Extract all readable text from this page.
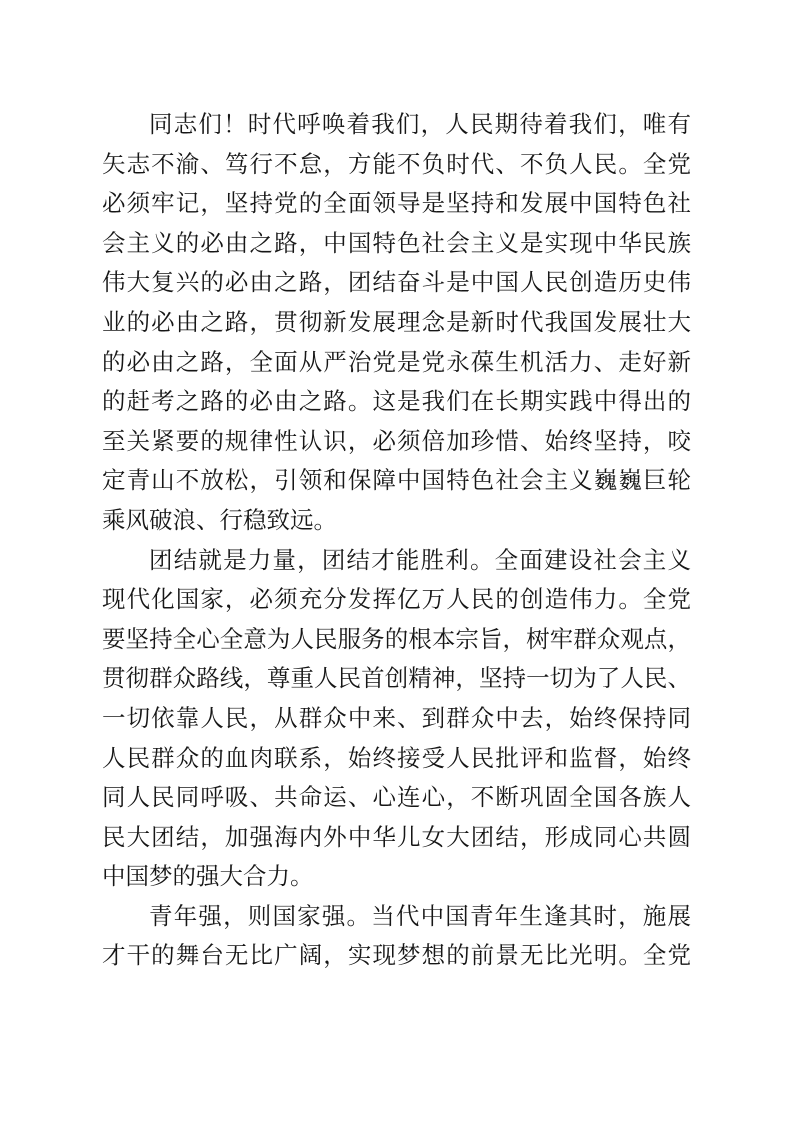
同志们！时代呼唤着我们，人民期待着我们，唯有
矢志不渝、笃行不怠，方能不负时代、不负人民。全党
必须牢记，坚持党的全面领导是坚持和发展中国特色社
会主义的必由之路，中国特色社会主义是实现中华民族
伟大复兴的必由之路，团结奋斗是中国人民创造历史伟
业的必由之路，贯彻新发展理念是新时代我国发展壮大
的必由之路，全面从严治党是党永葆生机活力、走好新
的赶考之路的必由之路。这是我们在长期实践中得出的
至关紧要的规律性认识，必须倍加珍惜、始终坚持，咬
定青山不放松，引领和保障中国特色社会主义巍巍巨轮
乘风破浪、行稳致远。
团结就是力量，团结才能胜利。全面建设社会主义
现代化国家，必须充分发挥亿万人民的创造伟力。全党
要坚持全心全意为人民服务的根本宗旨，树牢群众观点，
贯彻群众路线，尊重人民首创精神，坚持一切为了人民、
一切依靠人民，从群众中来、到群众中去，始终保持同
人民群众的血肉联系，始终接受人民批评和监督，始终
同人民同呼吸、共命运、心连心，不断巩固全国各族人
民大团结，加强海内外中华儿女大团结，形成同心共圆
中国梦的强大合力。
青年强，则国家强。当代中国青年生逢其时，施展
才干的舞台无比广阔，实现梦想的前景无比光明。全党
